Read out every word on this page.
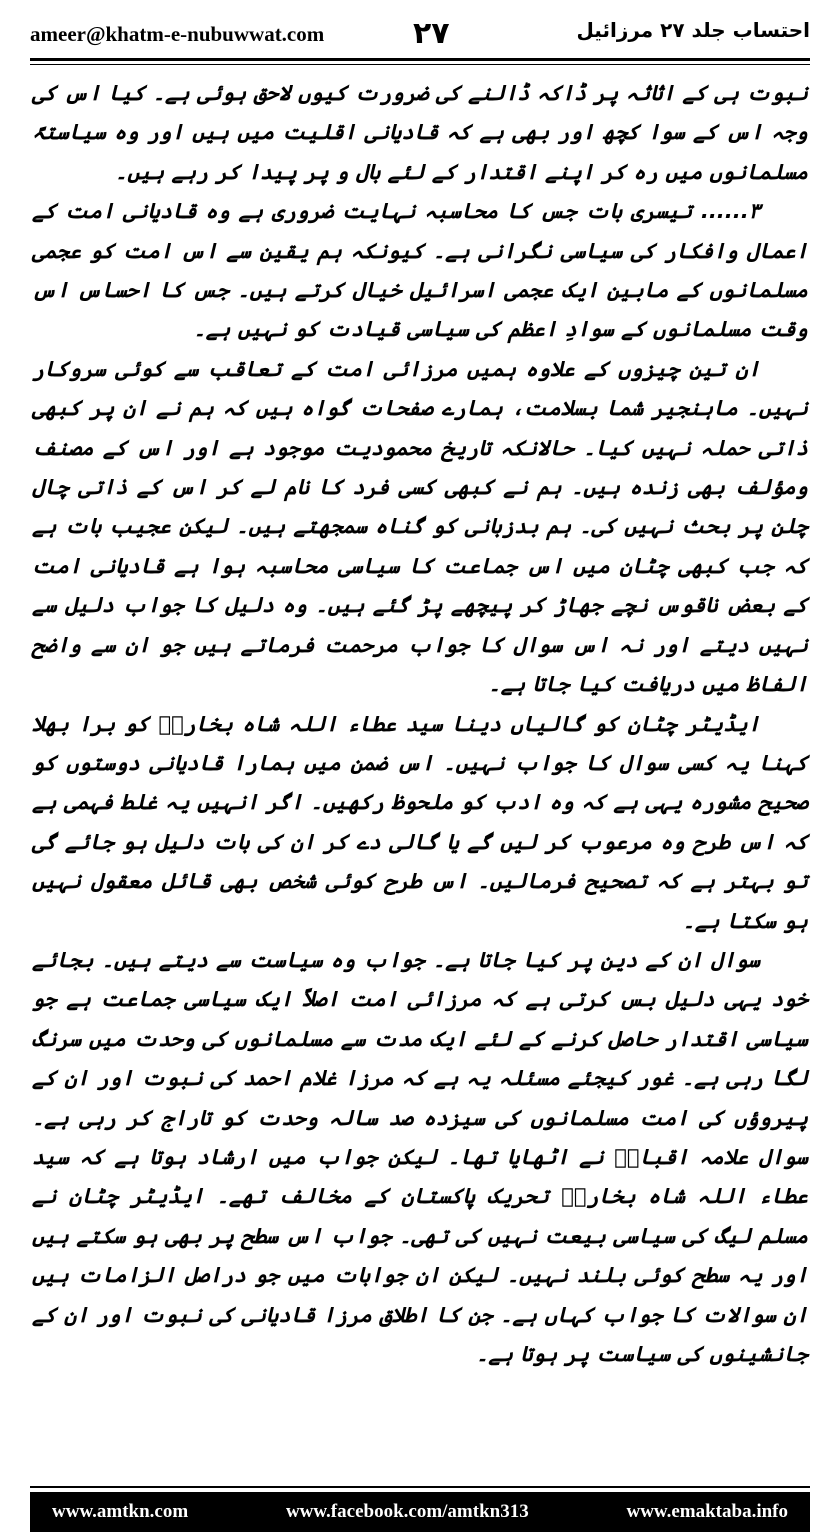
ameer@khatm-e-nubuwwat.com	۲۷	احتساب جلد ۲۷ مرزائیل

نبوت ہی کے اثاثہ پر ڈاکہ ڈالنے کی ضرورت کیوں لاحق ہوئی ہے۔ کیا اس کی وجہ اس کے سوا کچھ اور بھی ہے کہ قادیانی اقلیت میں ہیں اور وہ سیاستہً مسلمانوں میں رہ کر اپنے اقتدار کے لئے بال و پر پیدا کر رہے ہیں۔

۳...... تیسری بات جس کا محاسبہ نہایت ضروری ہے وہ قادیانی امت کے اعمال وافکار کی سیاسی نگرانی ہے۔ کیونکہ ہم یقین سے اس امت کو عجمی مسلمانوں کے مابین ایک عجمی اسرائیل خیال کرتے ہیں۔ جس کا احساس اس وقت مسلمانوں کے سوادِ اعظم کی سیاسی قیادت کو نہیں ہے۔

ان تین چیزوں کے علاوہ ہمیں مرزائی امت کے تعاقب سے کوئی سروکار نہیں۔ ماہنجیر شما بسلامت، ہمارے صفحات گواہ ہیں کہ ہم نے ان پر کبھی ذاتی حملہ نہیں کیا۔ حالانکہ تاریخ محمودیت موجود ہے اور اس کے مصنف ومؤلف بھی زندہ ہیں۔ ہم نے کبھی کسی فرد کا نام لے کر اس کے ذاتی چال چلن پر بحث نہیں کی۔ ہم بدزبانی کو گناہ سمجھتے ہیں۔ لیکن عجیب بات ہے کہ جب کبھی چٹان میں اس جماعت کا سیاسی محاسبہ ہوا ہے قادیانی امت کے بعض ناقوس نچے جھاڑ کر پیچھے پڑ گئے ہیں۔ وہ دلیل کا جواب دلیل سے نہیں دیتے اور نہ اس سوال کا جواب مرحمت فرماتے ہیں جو ان سے واضح الفاظ میں دریافت کیا جاتا ہے۔

ایڈیٹر چٹان کو گالیاں دینا سید عطاء اللہ شاہ بخاریؒ کو برا بھلا کہنا یہ کسی سوال کا جواب نہیں۔ اس ضمن میں ہمارا قادیانی دوستوں کو صحیح مشورہ یہی ہے کہ وہ ادب کو ملحوظ رکھیں۔ اگر انہیں یہ غلط فہمی ہے کہ اس طرح وہ مرعوب کر لیں گے یا گالی دے کر ان کی بات دلیل ہو جائے گی تو بہتر ہے کہ تصحیح فرمالیں۔ اس طرح کوئی شخص بھی قائل معقول نہیں ہو سکتا ہے۔

سوال ان کے دین پر کیا جاتا ہے۔ جواب وہ سیاست سے دیتے ہیں۔ بجائے خود یہی دلیل بس کرتی ہے کہ مرزائی امت اصلاً ایک سیاسی جماعت ہے جو سیاسی اقتدار حاصل کرنے کے لئے ایک مدت سے مسلمانوں کی وحدت میں سرنگ لگا رہی ہے۔ غور کیجئے مسئلہ یہ ہے کہ مرزا غلام احمد کی نبوت اور ان کے پیروؤں کی امت مسلمانوں کی سیزدہ صد سالہ وحدت کو تاراج کر رہی ہے۔ سوال علامہ اقبالؒ نے اٹھایا تھا۔ لیکن جواب میں ارشاد ہوتا ہے کہ سید عطاء اللہ شاہ بخاریؒ تحریک پاکستان کے مخالف تھے۔ ایڈیٹر چٹان نے مسلم لیگ کی سیاسی بیعت نہیں کی تھی۔ جواب اس سطح پر بھی ہو سکتے ہیں اور یہ سطح کوئی بلند نہیں۔ لیکن ان جوابات میں جو دراصل الزامات ہیں ان سوالات کا جواب کہاں ہے۔ جن کا اطلاق مرزا قادیانی کی نبوت اور ان کے جانشینوں کی سیاست پر ہوتا ہے۔

www.amtkn.com	www.facebook.com/amtkn313	www.emaktaba.info
